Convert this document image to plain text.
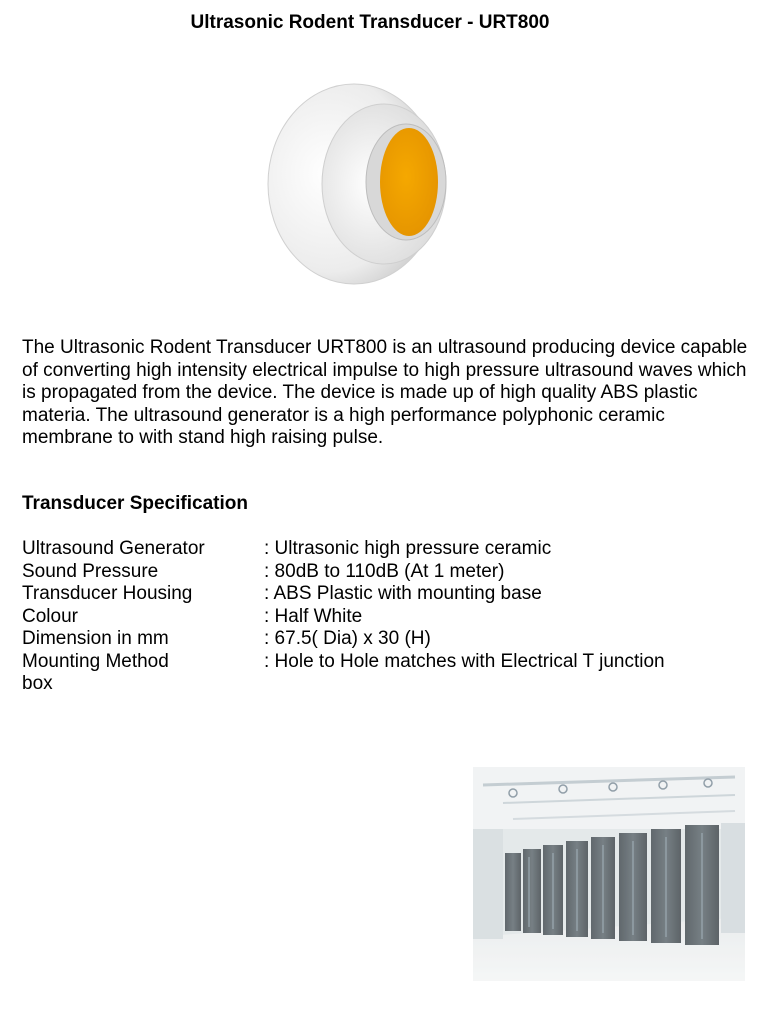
Ultrasonic Rodent Transducer - URT800

The Ultrasonic Rodent Transducer URT800 is an ultrasound producing device capable of converting high intensity electrical impulse to high pressure ultrasound waves which is propagated from the device. The device is made up of high quality ABS plastic materia. The ultrasound generator is a high performance polyphonic ceramic membrane to with stand high raising pulse.

Transducer Specification
Ultrasound Generator	: Ultrasonic high pressure ceramic
Sound Pressure	: 80dB to 110dB (At 1 meter)
Transducer Housing	: ABS Plastic with mounting base
Colour	: Half White
Dimension in mm	: 67.5( Dia) x 30 (H)
Mounting Method	: Hole to Hole matches with Electrical T junction
box
